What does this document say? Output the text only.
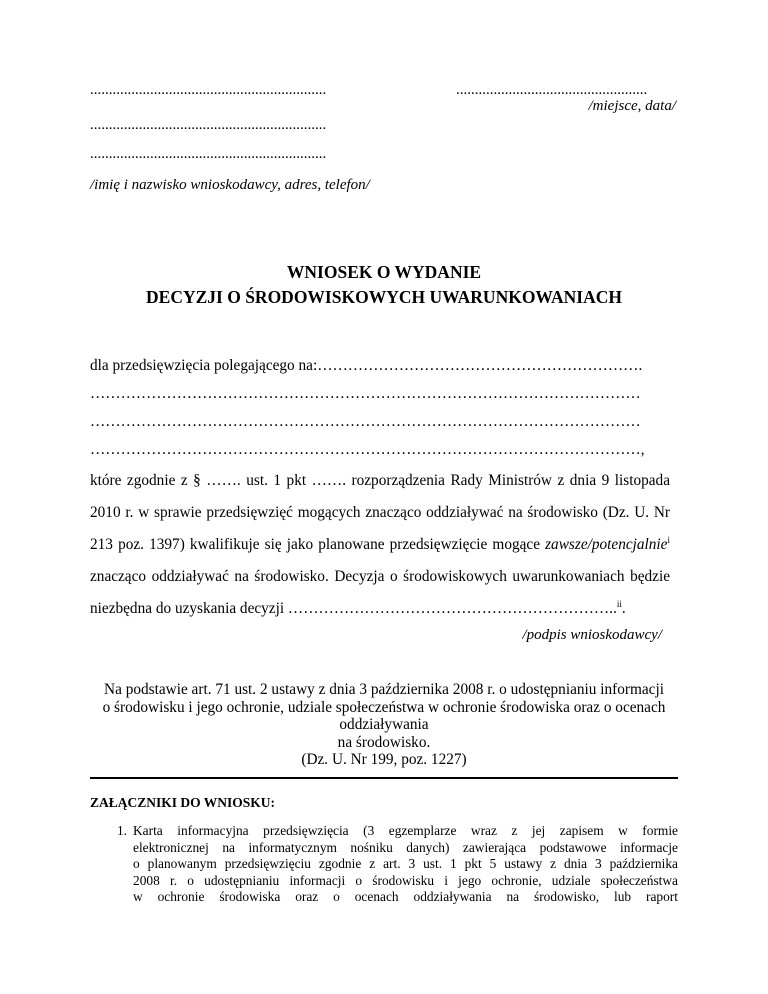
...............................................................	...................................................
/miejsce, data/
...............................................................
...............................................................
/imię i nazwisko wnioskodawcy, adres, telefon/
WNIOSEK O WYDANIE
DECYZJI O ŚRODOWISKOWYCH UWARUNKOWANIACH
dla przedsięwzięcia polegającego na:……………………………………………………….
………………………………………………………………………………………………
………………………………………………………………………………………………
………………………………………………………………………………………………,
które zgodnie z § ……. ust. 1 pkt ……. rozporządzenia Rady Ministrów z dnia 9 listopada
2010 r. w sprawie przedsięwzięć mogących znacząco oddziaływać na środowisko (Dz. U. Nr
213 poz. 1397) kwalifikuje się jako planowane przedsięwzięcie mogące zawsze/potencjalnie$^i$
znacząco oddziaływać na środowisko. Decyzja o środowiskowych uwarunkowaniach będzie
niezbędna do uzyskania decyzji ………………………………………………………..$^{ii}$.
/podpis wnioskodawcy/
Na podstawie art. 71 ust. 2 ustawy z dnia 3 października 2008 r. o udostępnianiu informacji
o środowisku i jego ochronie, udziale społeczeństwa w ochronie środowiska oraz o ocenach
oddziaływania
na środowisko.
(Dz. U. Nr 199, poz. 1227)
ZAŁĄCZNIKI DO WNIOSKU:
1. Karta informacyjna przedsięwzięcia (3 egzemplarze wraz z jej zapisem w formie
elektronicznej na informatycznym nośniku danych) zawierająca podstawowe informacje
o planowanym przedsięwzięciu zgodnie z art. 3 ust. 1 pkt 5 ustawy z dnia 3 października
2008 r. o udostępnianiu informacji o środowisku i jego ochronie, udziale społeczeństwa
w ochronie środowiska oraz o ocenach oddziaływania na środowisko, lub raport
